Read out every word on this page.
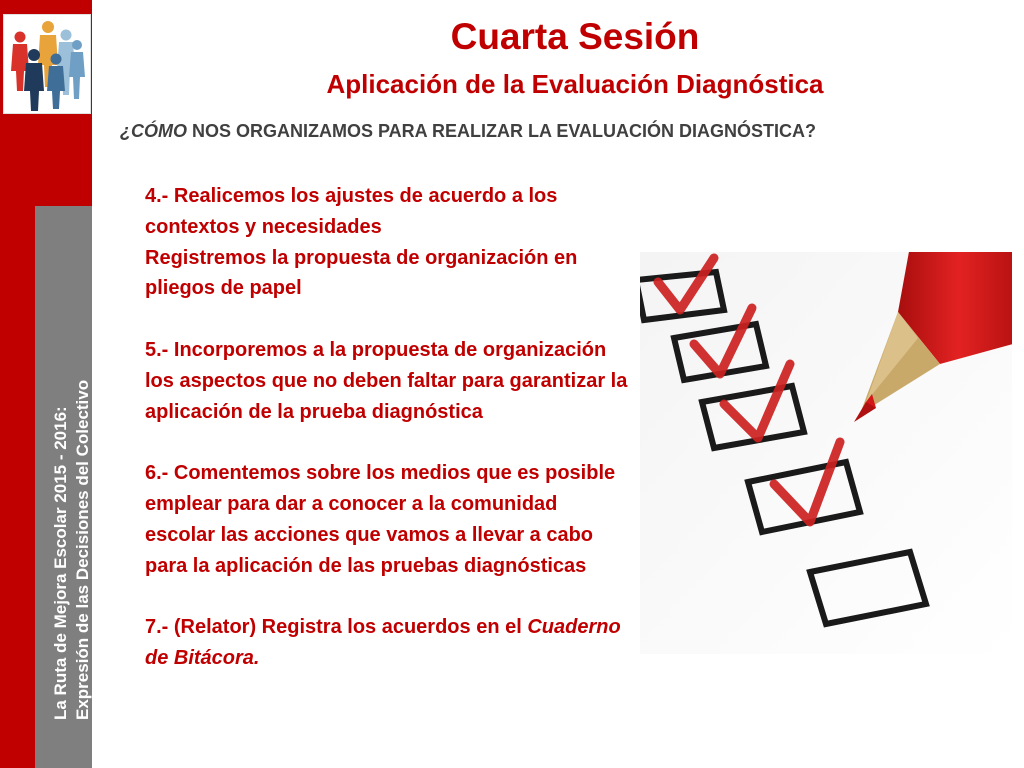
La Ruta de Mejora Escolar 2015 - 2016: Expresión de las Decisiones del Colectivo
Cuarta Sesión
Aplicación de la Evaluación Diagnóstica
¿CÓMO NOS ORGANIZAMOS PARA REALIZAR LA EVALUACIÓN DIAGNÓSTICA?

4.- Realicemos los ajustes de acuerdo a los
contextos y necesidades
Registremos la propuesta de organización en
pliegos de papel

5.- Incorporemos a la propuesta de organización
los aspectos que no deben faltar para garantizar la
aplicación de la prueba diagnóstica

6.- Comentemos sobre los medios que es posible
emplear para dar a conocer a la comunidad
escolar las acciones que vamos a llevar a cabo
para la aplicación de las pruebas diagnósticas

7.- (Relator) Registra los acuerdos en el Cuaderno
de Bitácora.
